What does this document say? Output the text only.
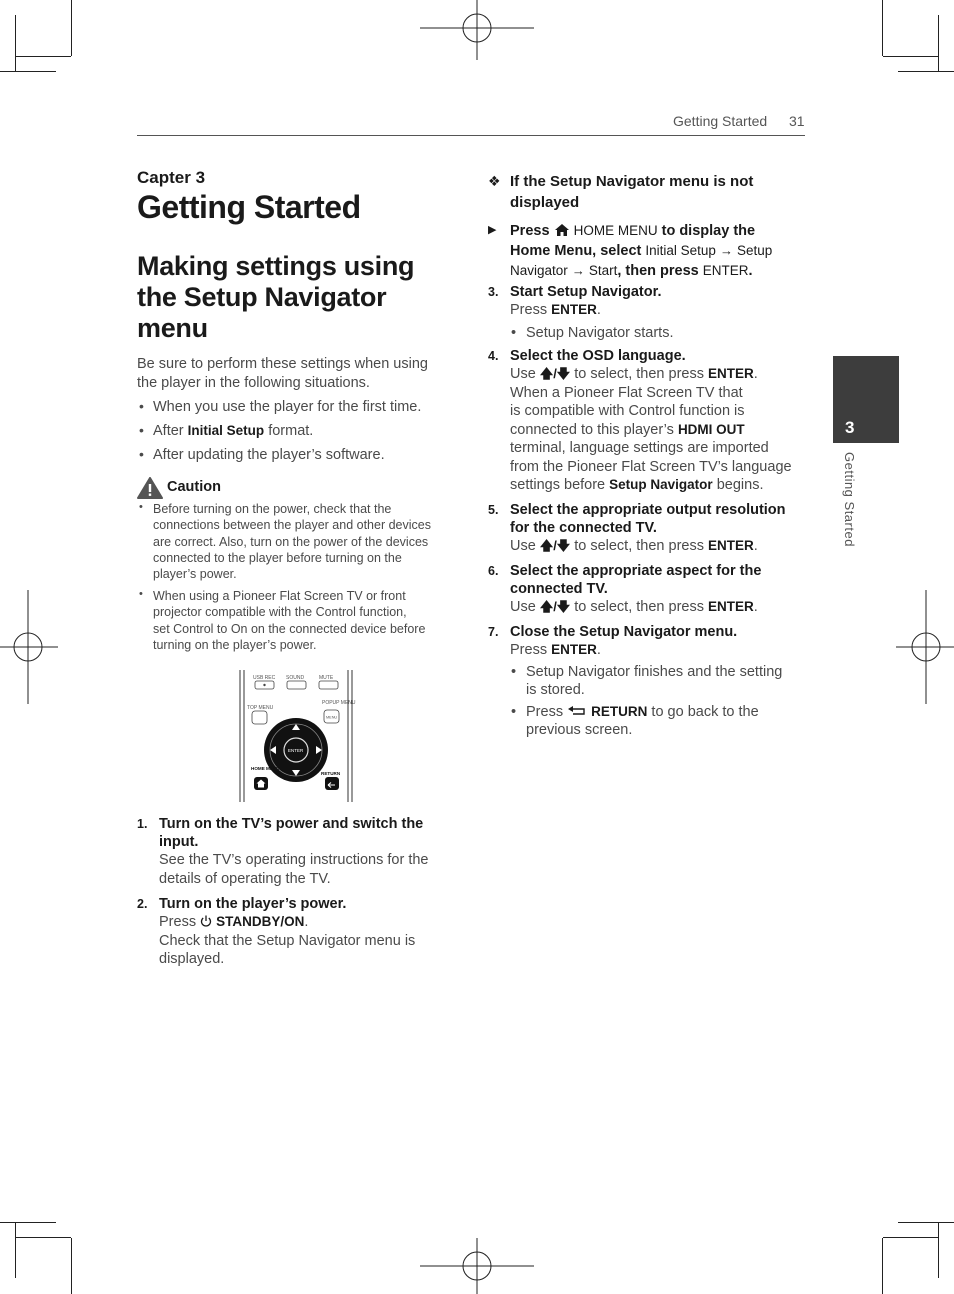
Getting Started 31
3
Getting Started
Capter 3
Getting Started
Making settings using
the Setup Navigator
menu
Be sure to perform these settings when using
the player in the following situations.
• When you use the player for the first time.
• After Initial Setup format.
• After updating the player’s software.
Caution
• Before turning on the power, check that the
connections between the player and other devices
are correct. Also, turn on the power of the devices
connected to the player before turning on the
player’s power.
• When using a Pioneer Flat Screen TV or front
projector compatible with the Control function,
set Control to On on the connected device before
turning on the player’s power.
USB REC SOUND	MUTE
TOP MENU
POPUP MENU
MENU
ENTER
HOME MENU
RETURN
1. Turn on the TV’s power and switch the
input.
See the TV’s operating instructions for the
details of operating the TV.
2. Turn on the player’s power.
Press STANDBY/ON.
Check that the Setup Navigator menu is
displayed.
❖ If the Setup Navigator menu is not
displayed
▶ Press HOME MENU to display the
Home Menu, select Initial Setup → Setup
Navigator → Start, then press ENTER.
3. Start Setup Navigator.
Press ENTER.
• Setup Navigator starts.
4. Select the OSD language.
Use 🡅/🡇 to select, then press ENTER.
When a Pioneer Flat Screen TV that
is compatible with Control function is
connected to this player’s HDMI OUT
terminal, language settings are imported
from the Pioneer Flat Screen TV’s language
settings before Setup Navigator begins.
5. Select the appropriate output resolution
for the connected TV.
Use 🡅/🡇 to select, then press ENTER.
6. Select the appropriate aspect for the
connected TV.
Use 🡅/🡇 to select, then press ENTER.
7. Close the Setup Navigator menu.
Press ENTER.
• Setup Navigator finishes and the setting
is stored.
• Press RETURN to go back to the
previous screen.
